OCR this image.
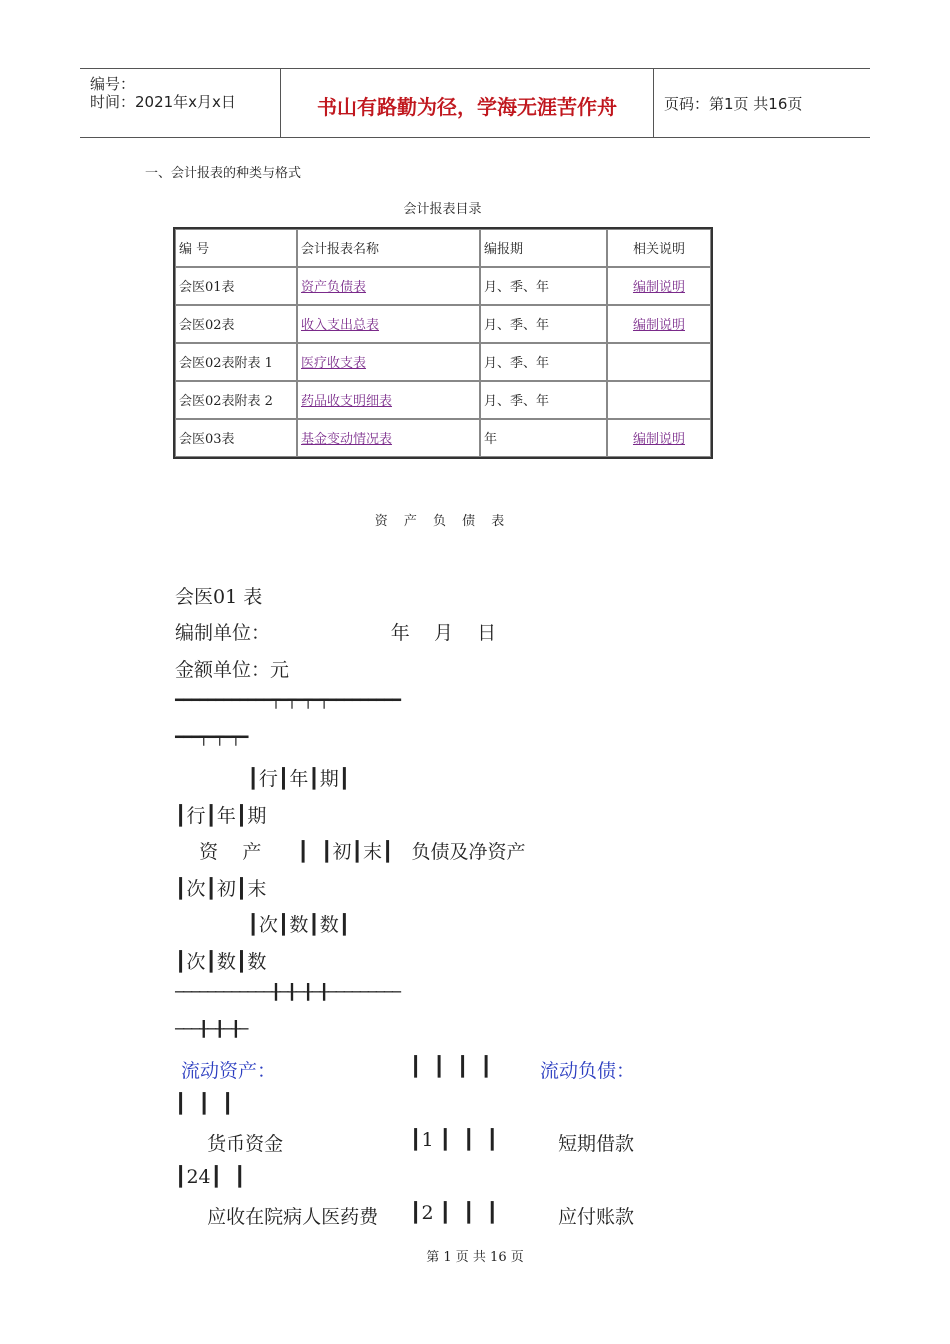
编号：
时间：2021年x月x日	书山有路勤为径，学海无涯苦作舟	页码：第1页 共16页
一、会计报表的种类与格式
会计报表目录
编 号	会计报表名称	编报期	相关说明
会医01表	资产负债表	月、季、年	编制说明
会医02表	收入支出总表	月、季、年	编制说明
会医02表附表 1	医疗收支表	月、季、年	
会医02表附表 2	药品收支明细表	月、季、年	
会医03表	基金变动情况表	年	编制说明
资 产 负 债 表
会医01 表
编制单位：                    年    月    日
金额单位：元
━━━━━━━━━━━━┯━┯━┯━┯━━━━━━━━━
━━━┯━┯━┯━
┃行┃年┃期┃
┃行┃年┃期
资    产      ┃  ┃初┃末┃   负债及净资产
┃次┃初┃末
┃次┃数┃数┃
┃次┃数┃数
────────────╂─╂─╂─╂─────────
───╂─╂─╂─
流动资产：	┃  ┃  ┃  ┃	流动负债：
┃  ┃  ┃
货币资金	┃1 ┃  ┃  ┃	短期借款
┃24┃  ┃
应收在院病人医药费 ┃2 ┃  ┃  ┃	应付账款
第 1 页 共 16 页
